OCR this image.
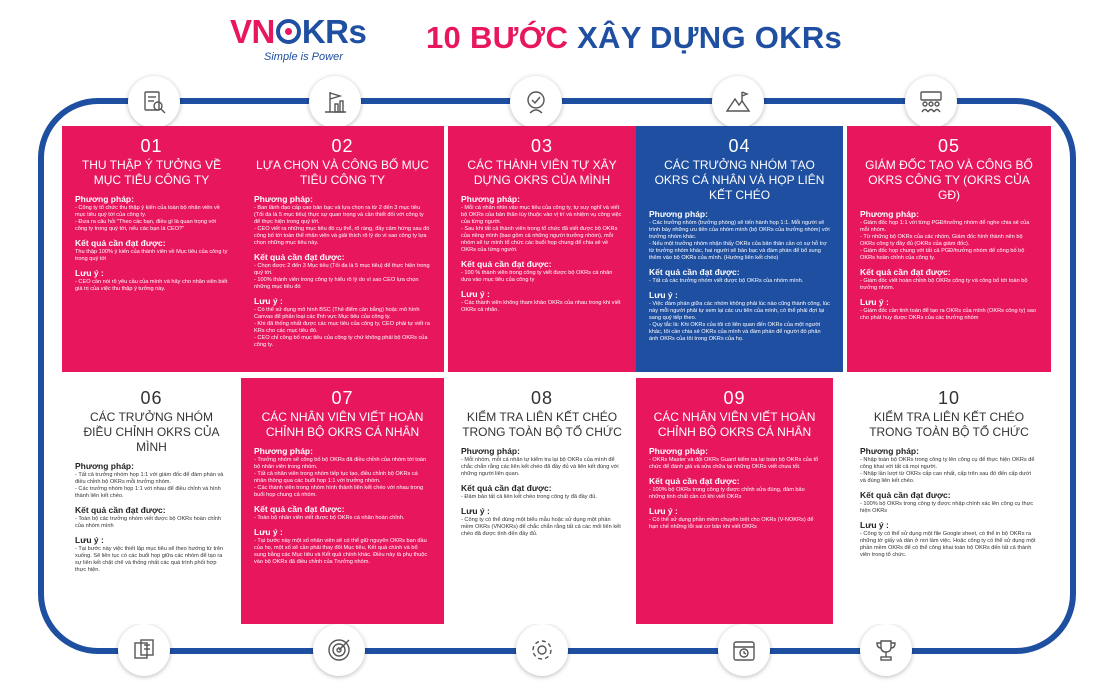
VN KRs
Simple is Power
10 BƯỚC XÂY DỰNG OKRs
01
THU THẬP Ý TƯỞNG VỀ MỤC TIÊU CÔNG TY
Phương pháp:
- Công ty tổ chức thu thập ý kiến của toàn bộ nhân viên về mục tiêu quý tới của công ty.
- Đưa ra câu hỏi "Theo các bạn, điều gì là quan trọng với công ty trong quý tới, nếu các bạn là CEO?"
Kết quả cần đạt được:
Thu thập 100% ý kiến của thành viên về Mục tiêu của công ty trong quý tới
Lưu ý :
- CEO cần nói rõ yêu cầu của mình và hãy cho nhân viên biết giá trị của việc thu thập ý tưởng này.
02
LỰA CHỌN VÀ CÔNG BỐ MỤC TIÊU CÔNG TY
Phương pháp:
- Ban lãnh đạo cấp cao bàn bạc và lựa chọn ra từ 2 đến 3 mục tiêu (Tối đa là 5 mục tiêu) thực sự quan trọng và cần thiết đối với công ty để thực hiện trong quý tới.
- CEO viết ra những mục tiêu đó cụ thể, rõ ràng, đầy cảm hứng sau đó công bố tới toàn thể nhân viên và giải thích rõ lý do vì sao công ty lựa chọn những mục tiêu này.
Kết quả cần đạt được:
- Chọn được 2 đến 3 Mục tiêu (Tối đa là 5 mục tiêu) để thực hiện trong quý tới.
- 100% thành viên trong công ty hiểu rõ lý do vì sao CEO lựa chọn những mục tiêu đó
Lưu ý :
- Có thể sử dụng mô hình BSC (Thẻ điểm cân bằng) hoặc mô hình Canvas để phân loại các lĩnh vực Mục tiêu của công ty.
- Khi đã thống nhất được các mục tiêu của công ty, CEO phải tự viết ra KRs cho các mục tiêu đó.
- CEO chỉ công bố mục tiêu của công ty chứ không phải bộ OKRs của công ty.
03
CÁC THÀNH VIÊN TỰ XÂY DỰNG OKRS CỦA MÌNH
Phương pháp:
- Mỗi cá nhân nhìn vào mục tiêu của công ty, tự suy nghĩ và viết bộ OKRs của bản thân tùy thuộc vào vị trí và nhiệm vụ công việc của từng người.
- Sau khi tất cả thành viên trong tổ chức đã viết được bộ OKRs của riêng mình (bao gồm cả những người trưởng nhóm), mỗi nhóm sẽ tự mình tổ chức các buổi họp chung để chia sẻ về OKRs của từng người.
Kết quả cần đạt được:
- 100 % thành viên trong công ty viết được bộ OKRs cá nhân dựa vào mục tiêu của công ty
Lưu ý :
- Các thành viên không tham khảo OKRs của nhau trong khi viết OKRs cá nhân.
04
CÁC TRƯỞNG NHÓM TẠO OKRS CÁ NHÂN VÀ HỌP LIÊN KẾT CHÉO
Phương pháp:
- Các trưởng nhóm (trưởng phòng) sẽ tiến hành họp 1:1. Mỗi người sẽ trình bày những ưu tiên của nhóm mình (bộ OKRs của trưởng nhóm) với trưởng nhóm khác.
- Nếu một trưởng nhóm nhận thấy OKRs của bản thân cần có sự hỗ trợ từ trưởng nhóm khác, hai người sẽ bàn bạc và đàm phán để bổ sung thêm vào bộ OKRs của mình. (Hướng liên kết chéo)
Kết quả cần đạt được:
- Tất cả các trưởng nhóm viết được bộ OKRs của nhóm mình.
Lưu ý :
- Việc đàm phán giữa các nhóm không phải lúc nào cũng thành công, lúc này mỗi người phải tự xem lại các ưu tiên của mình, có thể phải đợi lại sang quý tiếp theo.
- Quy tắc là: Khi OKRs của tôi có liên quan đến OKRs của một người khác, tôi cần chia sẻ OKRs của mình và đàm phán để người đó phân ánh OKRs của tôi trong OKRs của họ.
05
GIÁM ĐỐC TẠO VÀ CÔNG BỐ OKRS CÔNG TY (OKRS CỦA GĐ)
Phương pháp:
- Giám đốc họp 1:1 với từng PGĐ/trưởng nhóm để nghe chia sẻ của mỗi nhóm.
- Từ những bộ OKRs của các nhóm, Giám đốc hình thành nên bộ OKRs công ty đầy đủ (OKRs của giám đốc).
- Giám đốc họp chung với tất cả PGĐ/trưởng nhóm để công bố bộ OKRs hoàn chỉnh của công ty.
Kết quả cần đạt được:
- Giám đốc viết hoàn chỉnh bộ OKRs công ty và công bố tới toàn bộ trưởng nhóm.
Lưu ý :
- Giám đốc cần tinh toán để tạo ra OKRs của mình (OKRs công ty) sao cho phát huy được OKRs của các trưởng nhóm
06
CÁC TRƯỞNG NHÓM ĐIỀU CHỈNH OKRS CỦA MÌNH
Phương pháp:
- Tất cả trưởng nhóm họp 1:1 với giám đốc để đàm phán và điều chỉnh bộ OKRs mỗi trưởng nhóm.
- Các trưởng nhóm họp 1:1 với nhau để điều chỉnh và hình thành liên kết chéo.
Kết quả cần đạt được:
- Toàn bộ các trưởng nhóm viết được bộ OKRs hoàn chỉnh của nhóm mình
Lưu ý :
- Tại bước này việc thiết lập mục tiêu sẽ theo hướng từ trên xuống. Sẽ liên tục có các buổi họp giữa các nhóm để tạo ra sự liên kết chặt chẽ và thống nhất các quá trình phối hợp thực hiện.
07
CÁC NHÂN VIÊN VIẾT HOÀN CHỈNH BỘ OKRS CÁ NHÂN
Phương pháp:
- Trưởng nhóm sẽ công bố bộ OKRs đã điều chỉnh của nhóm tới toàn bộ nhân viên trong nhóm.
- Tất cả nhân viên trong nhóm tiếp tục tạo, điều chỉnh bộ OKRs cá nhân thông qua các buổi họp 1:1 với trưởng nhóm.
- Các thành viên trong nhóm hình thành liên kết chéo với nhau trong buổi họp chung cả nhóm.
Kết quả cần đạt được:
- Toàn bộ nhân viên viết được bộ OKRs cá nhân hoàn chỉnh.
Lưu ý :
- Tại bước này một số nhân viên sẽ có thể giữ nguyên OKRs ban đầu của họ, một số sẽ cần phải thay đổi Mục tiêu, Kết quả chính và bổ sung bằng các Mục tiêu và Kết quả chính khác. Điều này là phụ thuộc vào bộ OKRs đã điều chỉnh của Trưởng nhóm.
08
KIỂM TRA LIÊN KẾT CHÉO TRONG TOÀN BỘ TỔ CHỨC
Phương pháp:
- Mỗi nhóm, mỗi cá nhân tự kiểm tra lại bộ OKRs của mình để chắc chắn rằng các liên kết chéo đã đầy đủ và liên kết đúng với những người liên quan.
Kết quả cần đạt được:
- Đảm bảo tất cả liên kết chéo trong công ty đã đầy đủ.
Lưu ý :
- Công ty có thể dùng một biểu mẫu hoặc sử dụng một phần mềm OKRs (VNOKRs) để chắc chắn rằng tất cả các mối liên kết chéo đã được tính đến đầy đủ.
09
CÁC NHÂN VIÊN VIẾT HOÀN CHỈNH BỘ OKRS CÁ NHÂN
Phương pháp:
- OKRs Master và đội OKRs Guard kiểm tra lại toàn bộ OKRs của tổ chức để đánh giá và sửa chữa lại những OKRs viết chưa tốt.
Kết quả cần đạt được:
- 100% bộ OKRs trong công ty được chỉnh sửa đúng, đảm bảo những tinh chất cần có khi viết OKRs
Lưu ý :
- Có thể sử dụng phần mềm chuyên biệt cho OKRs (V-NOKRs) để hạn chế những lỗi sai cơ bản khi viết OKRs
10
KIỂM TRA LIÊN KẾT CHÉO TRONG TOÀN BỘ TỔ CHỨC
Phương pháp:
- Nhập toàn bộ OKRs trong công ty lên công cụ để thực hiện OKRs để công khai với tất cả mọi người.
- Nhập lần lượt từ OKRs cấp cao nhất, cấp trên sau đó đến cấp dưới và đúng liên kết chéo.
Kết quả cần đạt được:
- 100% bộ OKRs trong công ty được nhập chính xác lên công cụ thực hiện OKRs
Lưu ý :
- Công ty có thể sử dụng một file Google sheet, có thể in bộ OKRs ra những tờ giấy và dán ở nơi làm việc. Hoặc công ty có thể sử dụng một phần mềm OKRs để có thể công khai toàn bộ OKRs đến tất cả thành viên trong tổ chức.
